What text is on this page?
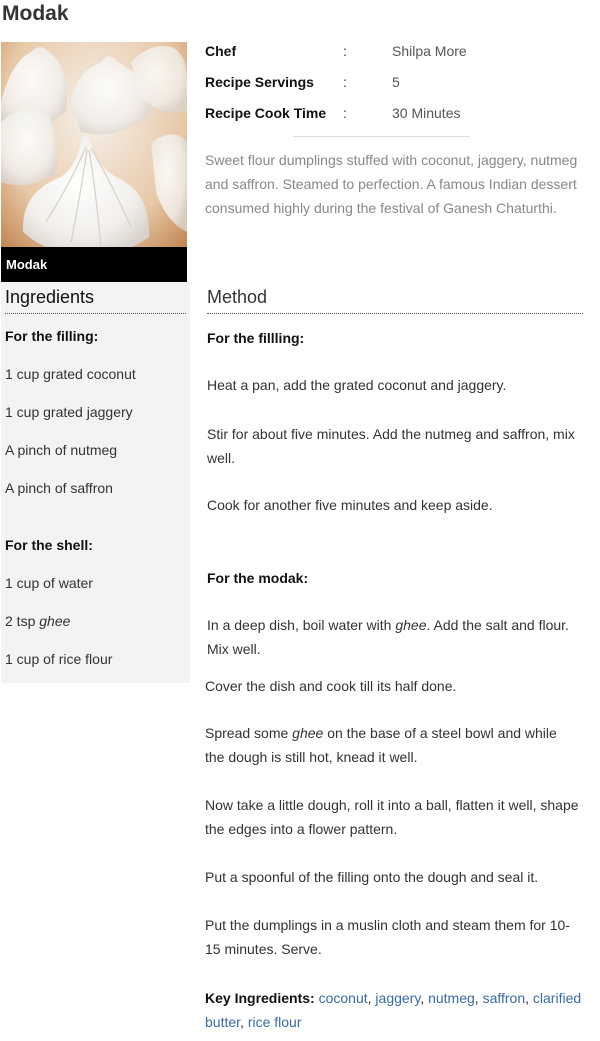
Modak
Modak
Chef	:	Shilpa More
Recipe Servings :	5
Recipe Cook Time :	30 Minutes

Sweet flour dumplings stuffed with coconut, jaggery, nutmeg and saffron. Steamed to perfection. A famous Indian dessert consumed highly during the festival of Ganesh Chaturthi.

Ingredients
For the filling:
1 cup grated coconut
1 cup grated jaggery
A pinch of nutmeg
A pinch of saffron
For the shell:
1 cup of water
2 tsp ghee
1 cup of rice flour
Method
For the fillling:

Heat a pan, add the grated coconut and jaggery.

Stir for about five minutes. Add the nutmeg and saffron, mix well.

Cook for another five minutes and keep aside.

For the modak:

In a deep dish, boil water with ghee. Add the salt and flour. Mix well.

Cover the dish and cook till its half done.

Spread some ghee on the base of a steel bowl and while the dough is still hot, knead it well.

Now take a little dough, roll it into a ball, flatten it well, shape the edges into a flower pattern.

Put a spoonful of the filling onto the dough and seal it.

Put the dumplings in a muslin cloth and steam them for 10- 15 minutes. Serve.

Key Ingredients: coconut, jaggery, nutmeg, saffron, clarified butter, rice flour
